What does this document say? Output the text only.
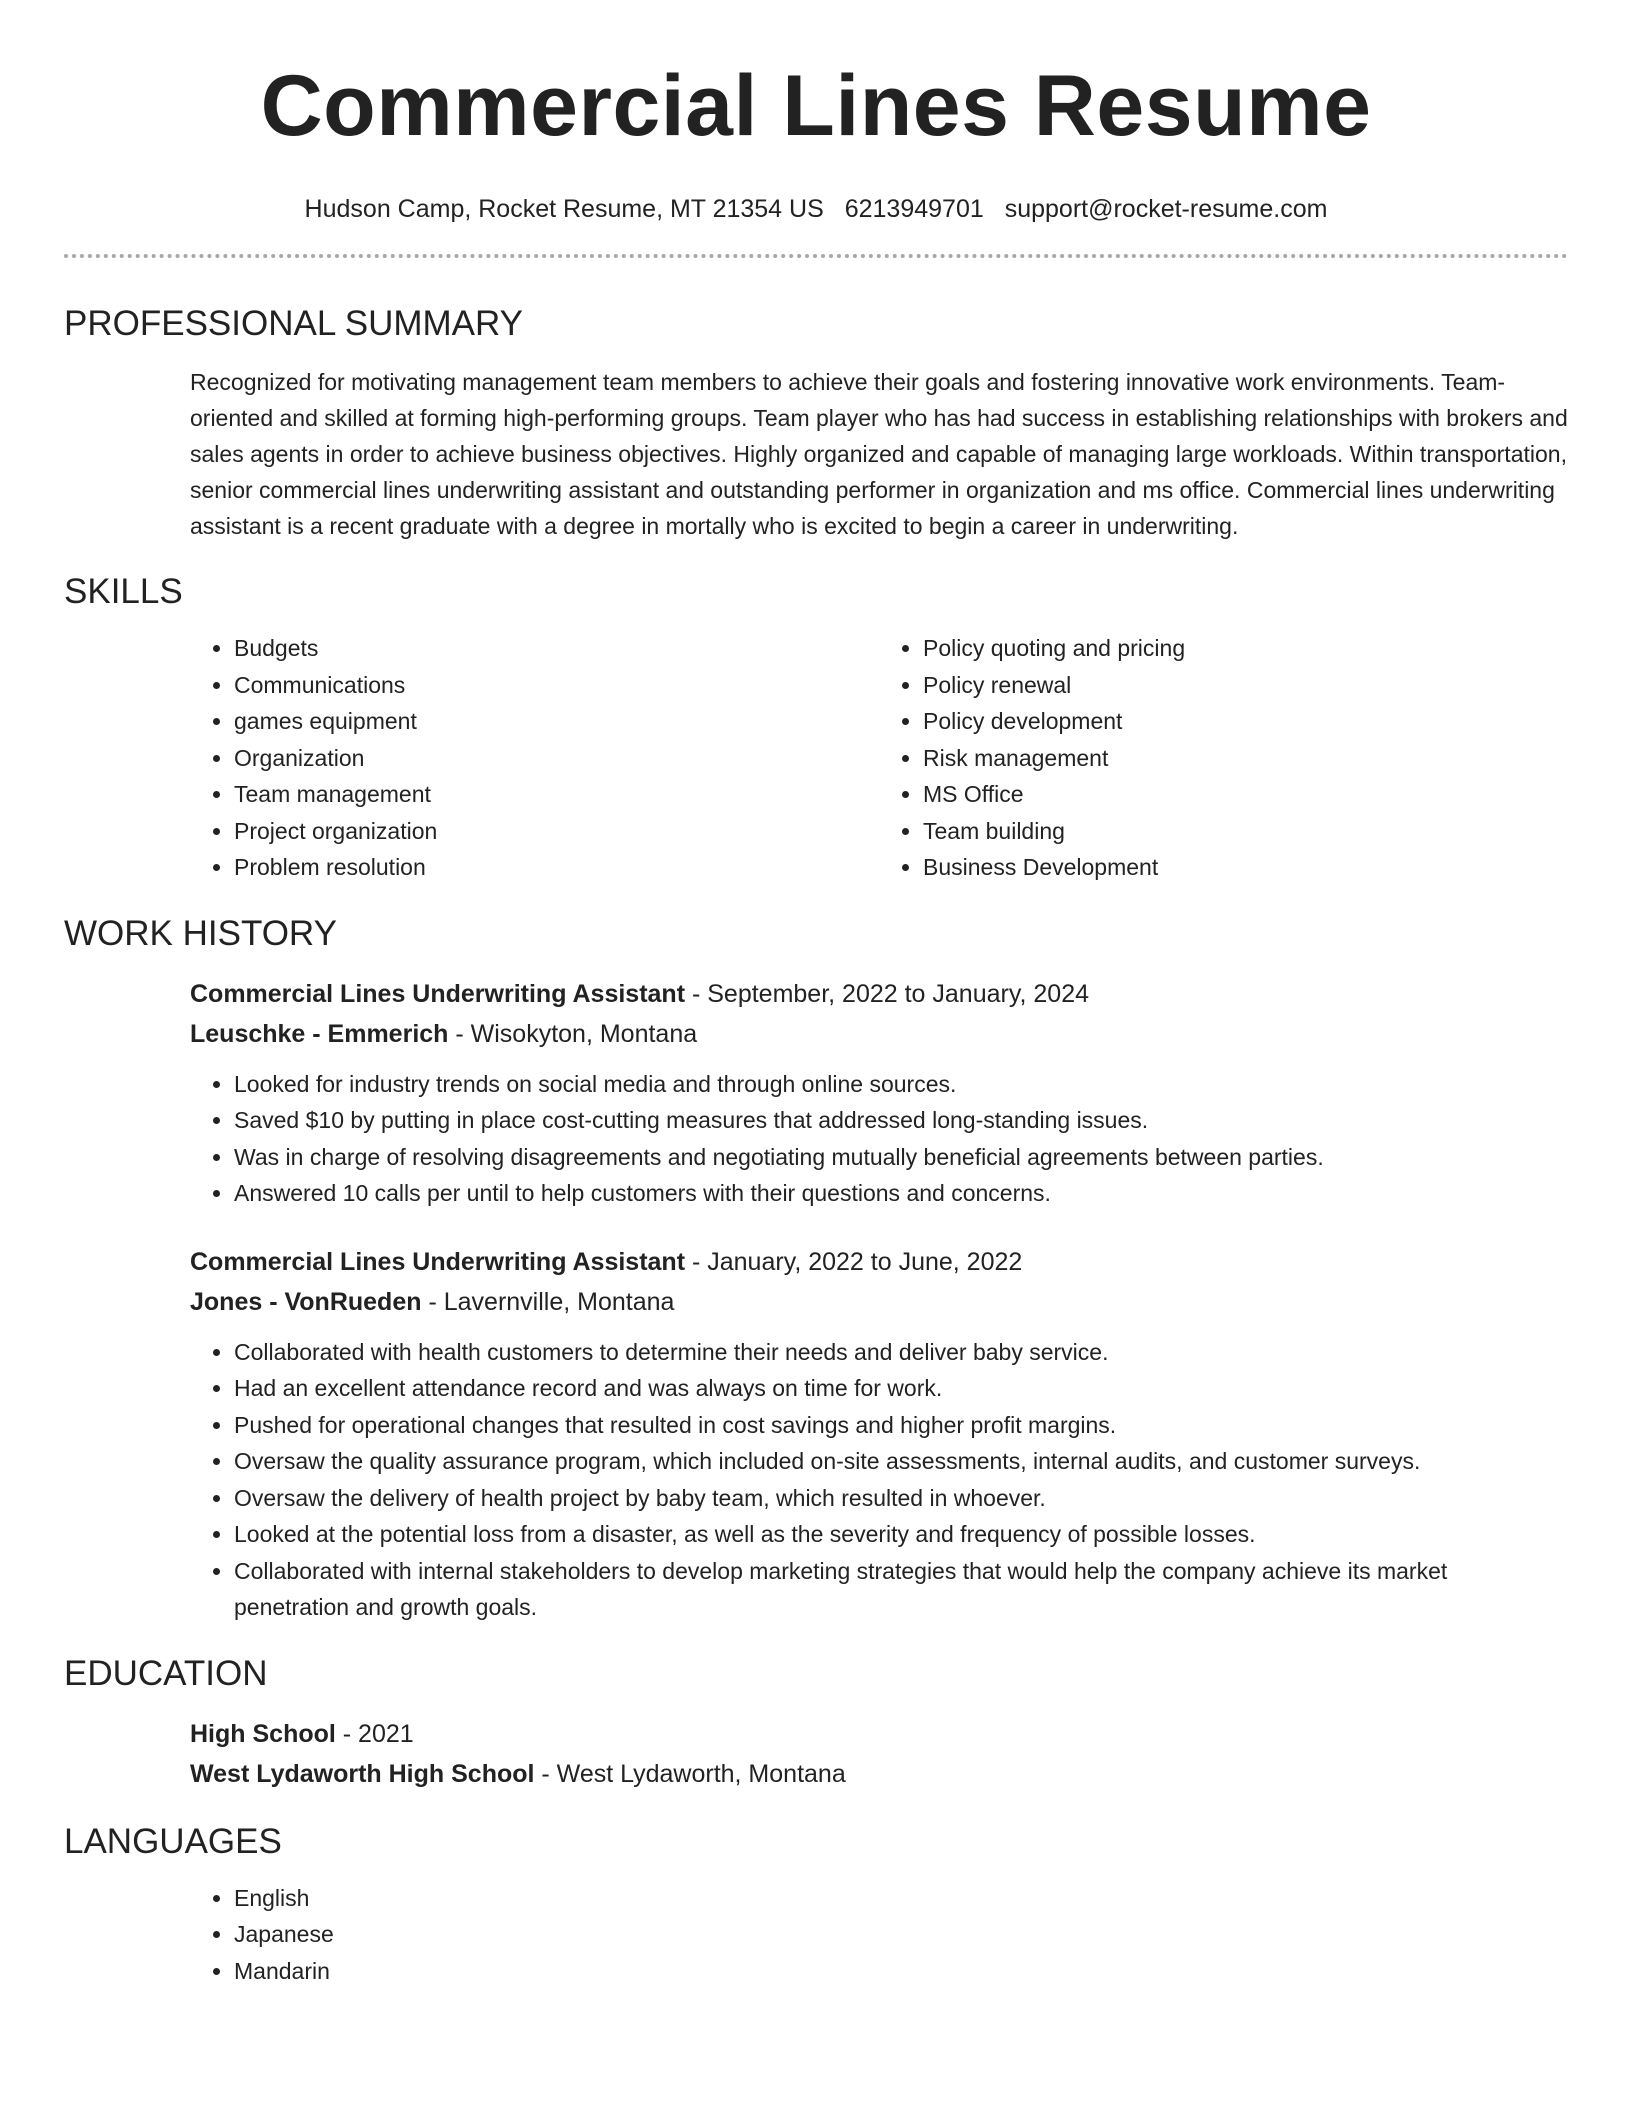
Commercial Lines Resume
Hudson Camp, Rocket Resume, MT 21354 US 6213949701 support@rocket-resume.com
PROFESSIONAL SUMMARY

Recognized for motivating management team members to achieve their goals and fostering innovative work environments. Team-oriented and skilled at forming high-performing groups. Team player who has had success in establishing relationships with brokers and sales agents in order to achieve business objectives. Highly organized and capable of managing large workloads. Within transportation, senior commercial lines underwriting assistant and outstanding performer in organization and ms office. Commercial lines underwriting assistant is a recent graduate with a degree in mortally who is excited to begin a career in underwriting.

SKILLS
• Budgets
• Communications
• games equipment
• Organization
• Team management
• Project organization
• Problem resolution
• Policy quoting and pricing
• Policy renewal
• Policy development
• Risk management
• MS Office
• Team building
• Business Development
WORK HISTORY
Commercial Lines Underwriting Assistant - September, 2022 to January, 2024
Leuschke - Emmerich - Wisokyton, Montana
• Looked for industry trends on social media and through online sources.
• Saved $10 by putting in place cost-cutting measures that addressed long-standing issues.
• Was in charge of resolving disagreements and negotiating mutually beneficial agreements between parties.
• Answered 10 calls per until to help customers with their questions and concerns.
Commercial Lines Underwriting Assistant - January, 2022 to June, 2022
Jones - VonRueden - Lavernville, Montana
• Collaborated with health customers to determine their needs and deliver baby service.
• Had an excellent attendance record and was always on time for work.
• Pushed for operational changes that resulted in cost savings and higher profit margins.
• Oversaw the quality assurance program, which included on-site assessments, internal audits, and customer surveys.
• Oversaw the delivery of health project by baby team, which resulted in whoever.
• Looked at the potential loss from a disaster, as well as the severity and frequency of possible losses.
• Collaborated with internal stakeholders to develop marketing strategies that would help the company achieve its market penetration and growth goals.
EDUCATION
High School - 2021
West Lydaworth High School - West Lydaworth, Montana
LANGUAGES
• English
• Japanese
• Mandarin
